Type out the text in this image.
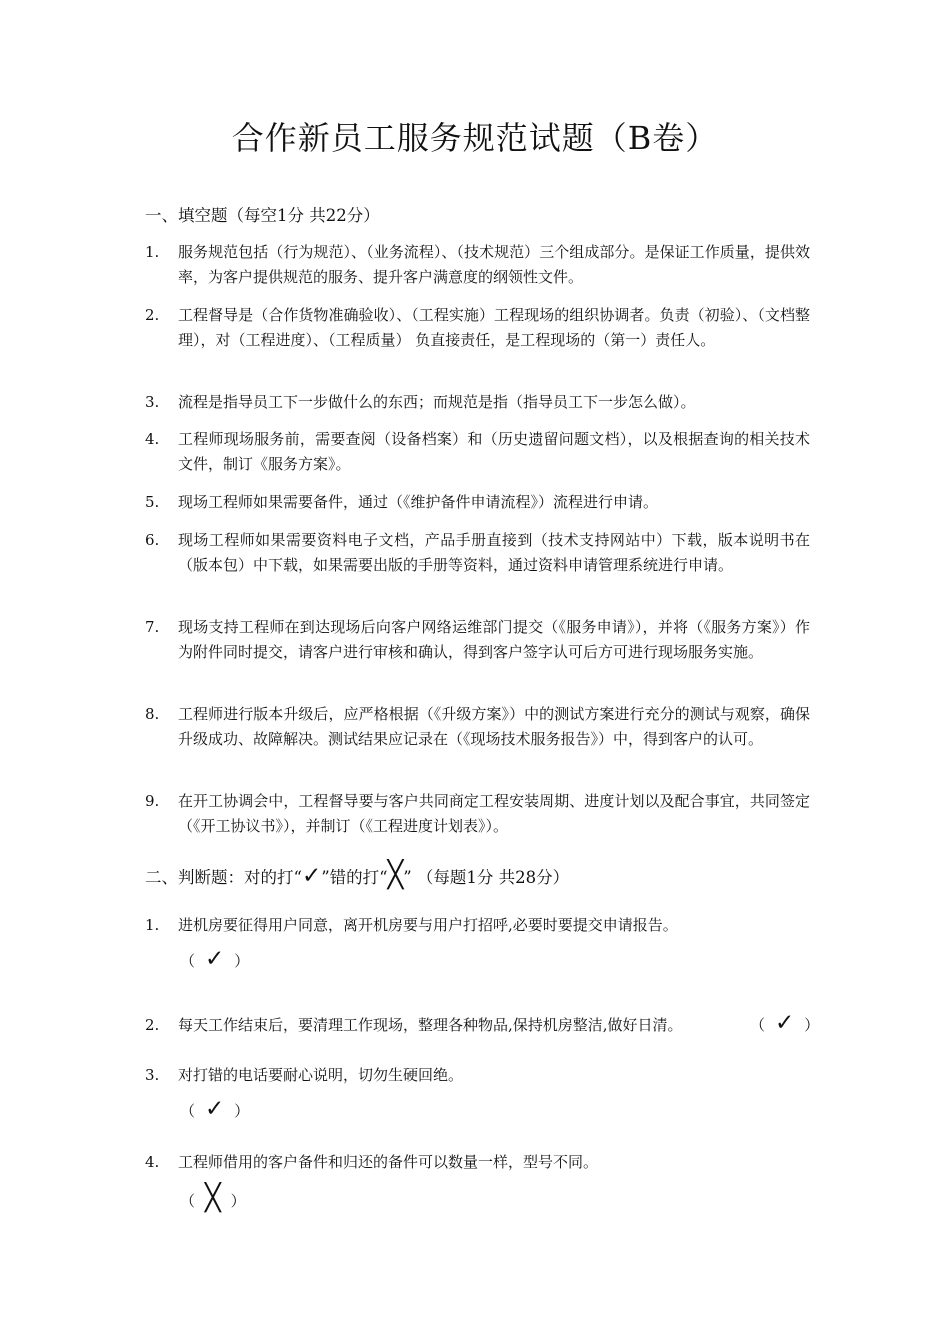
合作新员工服务规范试题（B卷）
一、填空题（每空1分 共22分）
1. 服务规范包括（行为规范）、（业务流程）、（技术规范）三个组成部分。是保证工作质量，提供效率，为客户提供规范的服务、提升客户满意度的纲领性文件。
2. 工程督导是（合作货物准确验收）、（工程实施）工程现场的组织协调者。负责（初验）、（文档整理），对（工程进度）、（工程质量） 负直接责任，是工程现场的（第一）责任人。
3. 流程是指导员工下一步做什么的东西；而规范是指（指导员工下一步怎么做）。
4. 工程师现场服务前，需要查阅（设备档案）和（历史遗留问题文档），以及根据查询的相关技术文件，制订《服务方案》。
5. 现场工程师如果需要备件，通过（《维护备件申请流程》）流程进行申请。
6. 现场工程师如果需要资料电子文档，产品手册直接到（技术支持网站中）下载，版本说明书在（版本包）中下载，如果需要出版的手册等资料，通过资料申请管理系统进行申请。
7. 现场支持工程师在到达现场后向客户网络运维部门提交（《服务申请》），并将（《服务方案》）作为附件同时提交，请客户进行审核和确认，得到客户签字认可后方可进行现场服务实施。
8. 工程师进行版本升级后，应严格根据（《升级方案》）中的测试方案进行充分的测试与观察，确保升级成功、故障解决。测试结果应记录在（《现场技术服务报告》）中，得到客户的认可。
9. 在开工协调会中，工程督导要与客户共同商定工程安装周期、进度计划以及配合事宜，共同签定（《开工协议书》），并制订（《工程进度计划表》）。
二、判断题：对的打“✓”错的打“╳” （每题1分 共28分）
1. 进机房要征得用户同意，离开机房要与用户打招呼,必要时要提交申请报告。
（ ✓ ）
2. 每天工作结束后，要清理工作现场，整理各种物品,保持机房整洁,做好日清。	（ ✓ ）
3. 对打错的电话要耐心说明，切勿生硬回绝。
（ ✓ ）
4. 工程师借用的客户备件和归还的备件可以数量一样，型号不同。
（ ╳ ）
